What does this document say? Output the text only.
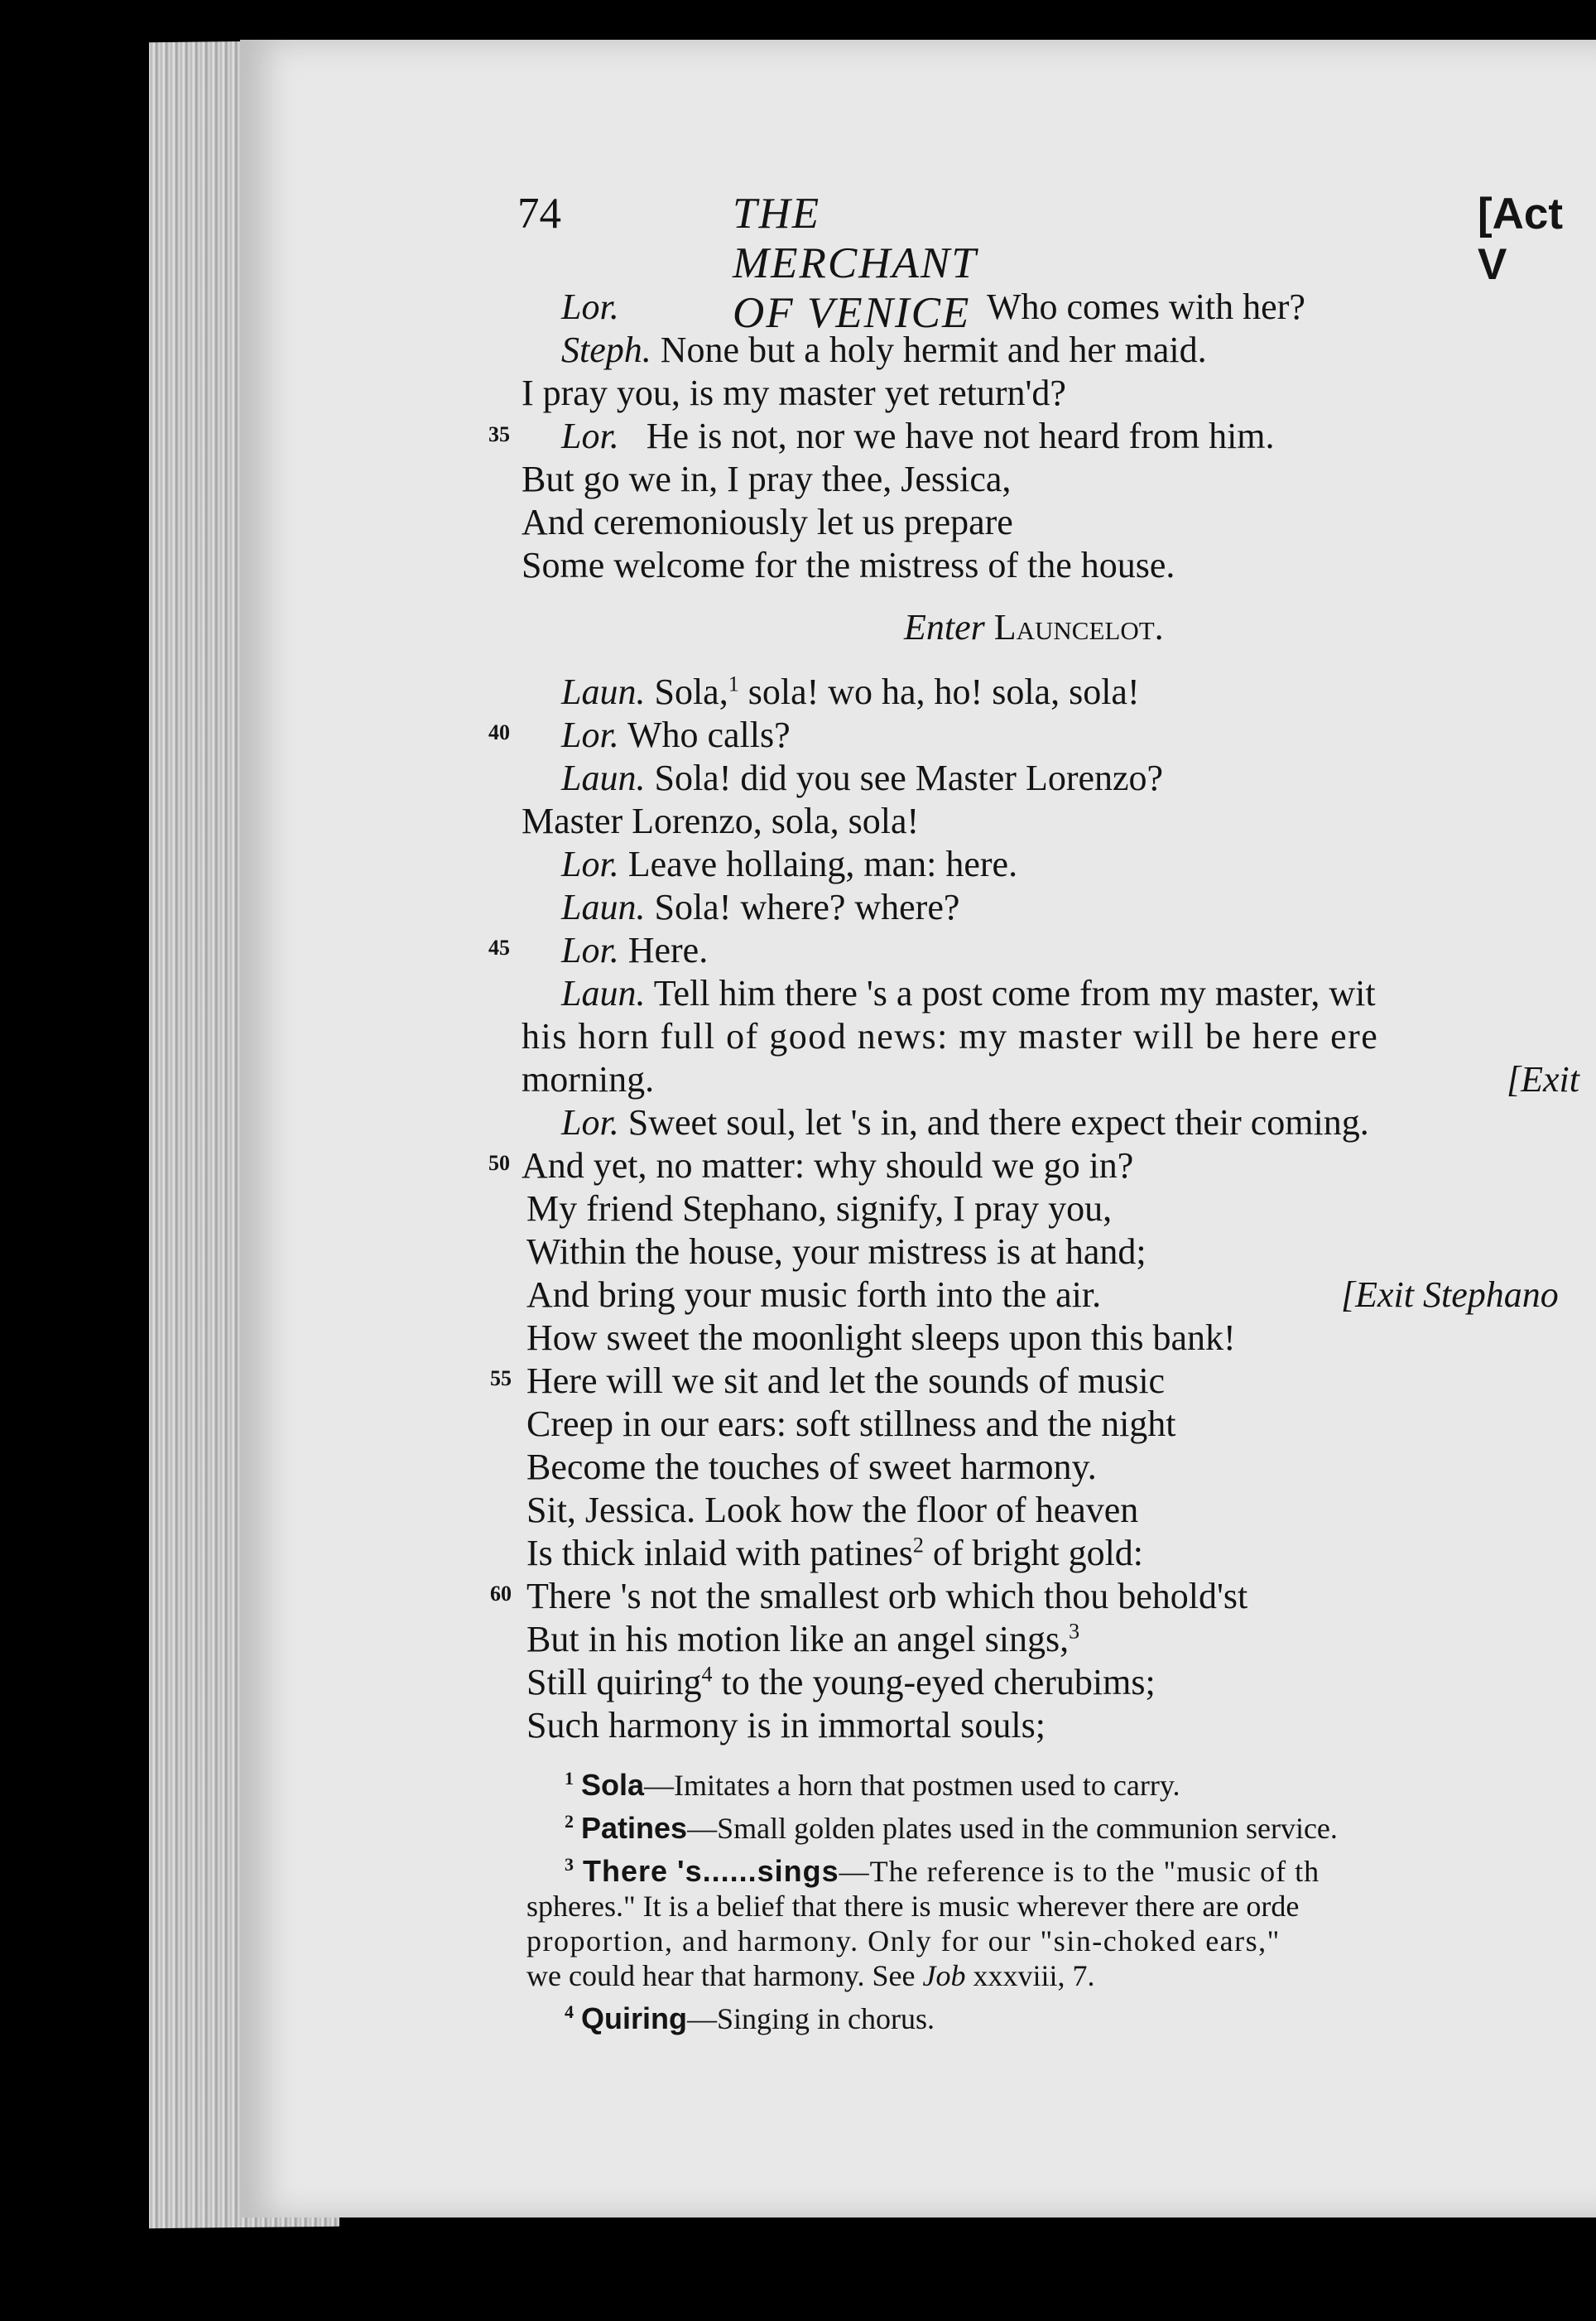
74	THE MERCHANT OF VENICE
[Act V
Lor.	Who comes with her?
Steph. None but a holy hermit and her maid.
I pray you, is my master yet return'd?
35 Lor. He is not, nor we have not heard from him.
But go we in, I pray thee, Jessica,
And ceremoniously let us prepare
Some welcome for the mistress of the house.
Enter Launcelot.
Laun. Sola,$^1$ sola! wo ha, ho! sola, sola!
40 Lor. Who calls?
Laun. Sola! did you see Master Lorenzo?
Master Lorenzo, sola, sola!
Lor. Leave hollaing, man: here.
Laun. Sola! where? where?
45 Lor. Here.
Laun. Tell him there 's a post come from my master, wit
his horn full of good news: my master will be here ere
morning.	[Exit
Lor. Sweet soul, let 's in, and there expect their coming.
50 And yet, no matter: why should we go in?
My friend Stephano, signify, I pray you,
Within the house, your mistress is at hand;
And bring your music forth into the air.	[Exit Stephano
How sweet the moonlight sleeps upon this bank!
55 Here will we sit and let the sounds of music
Creep in our ears: soft stillness and the night
Become the touches of sweet harmony.
Sit, Jessica. Look how the floor of heaven
Is thick inlaid with patines$^2$ of bright gold:
60 There 's not the smallest orb which thou behold'st
But in his motion like an angel sings,$^3$
Still quiring$^4$ to the young-eyed cherubims;
Such harmony is in immortal souls;
$^1$ Sola—Imitates a horn that postmen used to carry.
$^2$ Patines—Small golden plates used in the communion service.
$^3$ There 's......sings—The reference is to the "music of th
spheres." It is a belief that there is music wherever there are orde
proportion, and harmony. Only for our "sin-choked ears,"
we could hear that harmony. See Job xxxviii, 7.
$^4$ Quiring—Singing in chorus.
